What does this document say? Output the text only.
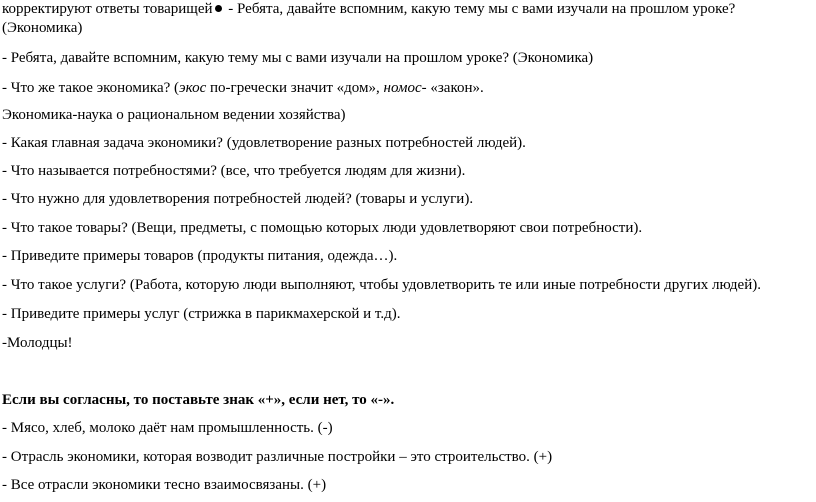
корректируют ответы товарищей - Ребята, давайте вспомним, какую тему мы с вами изучали на прошлом уроке?
(Экономика)
- Ребята, давайте вспомним, какую тему мы с вами изучали на прошлом уроке? (Экономика)
- Что же такое экономика? (экос по-гречески значит «дом», номос- «закон».
Экономика-наука о рациональном ведении хозяйства)
- Какая главная задача экономики? (удовлетворение разных потребностей людей).
- Что называется потребностями? (все, что требуется людям для жизни).
- Что нужно для удовлетворения потребностей людей? (товары и услуги).
- Что такое товары? (Вещи, предметы, с помощью которых люди удовлетворяют свои потребности).
- Приведите примеры товаров (продукты питания, одежда…).
- Что такое услуги? (Работа, которую люди выполняют, чтобы удовлетворить те или иные потребности других людей).
- Приведите примеры услуг (стрижка в парикмахерской и т.д).
-Молодцы!
Если вы согласны, то поставьте знак «+», если нет, то «-».
- Мясо, хлеб, молоко даёт нам промышленность. (-)
- Отрасль экономики, которая возводит различные постройки – это строительство. (+)
- Все отрасли экономики тесно взаимосвязаны. (+)
